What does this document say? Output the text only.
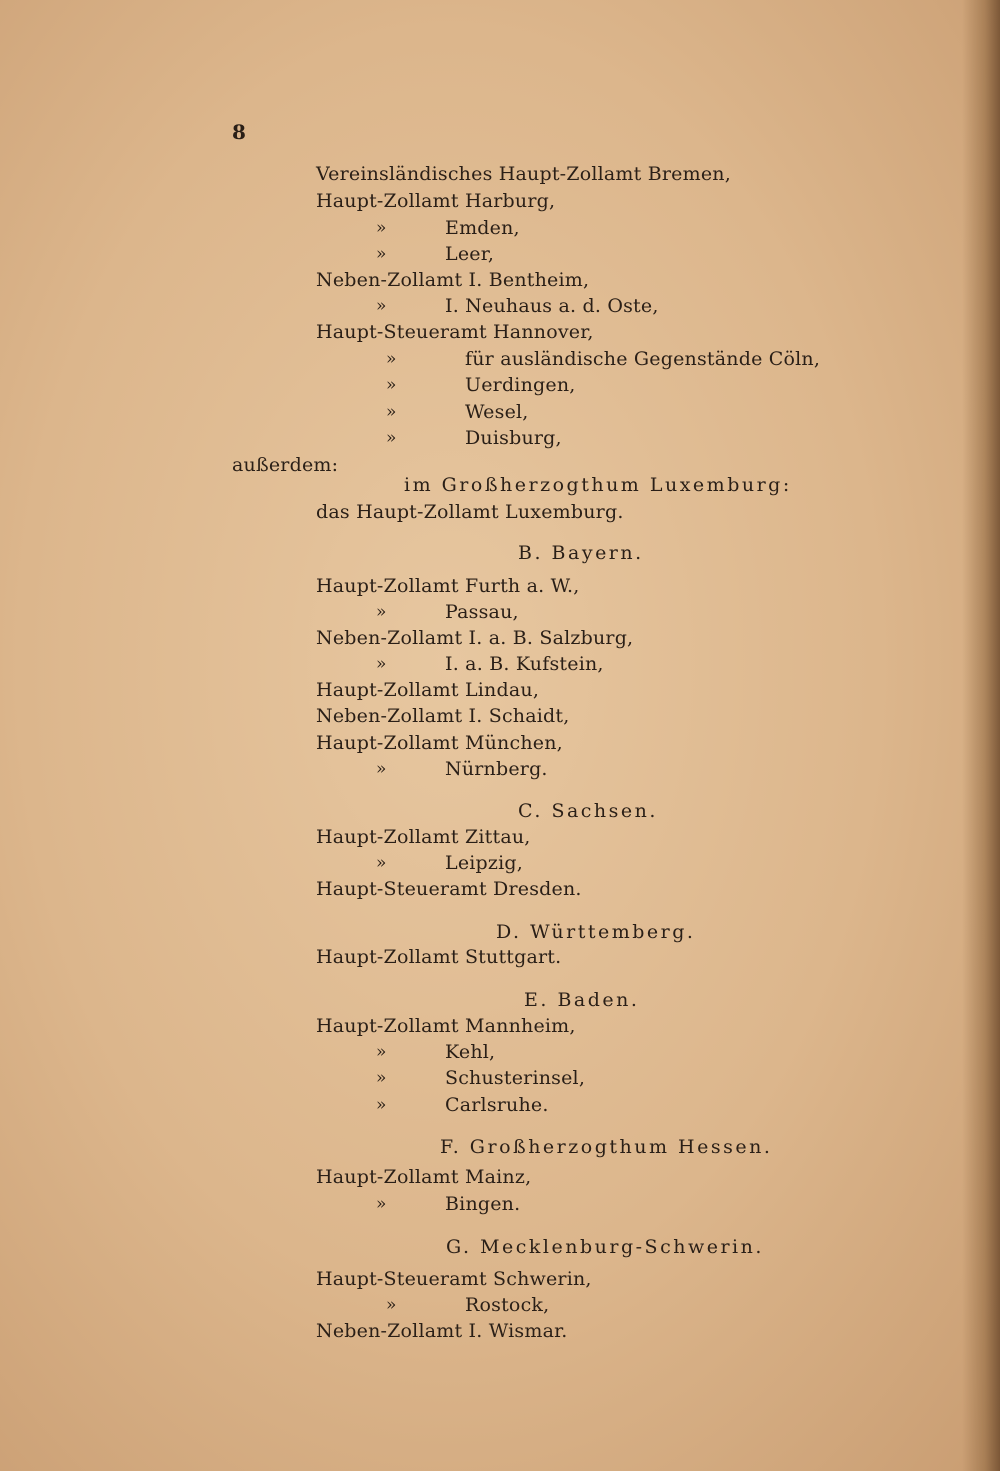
8
Vereinsländisches Haupt-Zollamt Bremen,
Haupt-Zollamt Harburg,
»	Emden,
»	Leer,
Neben-Zollamt I. Bentheim,
»	I. Neuhaus a. d. Oste,
Haupt-Steueramt Hannover,
»	für ausländische Gegenstände Cöln,
»	Uerdingen,
»	Wesel,
»	Duisburg,
außerdem:
im Großherzogthum Luxemburg:
das Haupt-Zollamt Luxemburg.
B. Bayern.
Haupt-Zollamt Furth a. W.,
»	Passau,
Neben-Zollamt I. a. B. Salzburg,
»	I. a. B. Kufstein,
Haupt-Zollamt Lindau,
Neben-Zollamt I. Schaidt,
Haupt-Zollamt München,
»	Nürnberg.
C. Sachsen.
Haupt-Zollamt Zittau,
»	Leipzig,
Haupt-Steueramt Dresden.
D. Württemberg.
Haupt-Zollamt Stuttgart.
E. Baden.
Haupt-Zollamt Mannheim,
»	Kehl,
»	Schusterinsel,
»	Carlsruhe.
F. Großherzogthum Hessen.
Haupt-Zollamt Mainz,
»	Bingen.
G. Mecklenburg-Schwerin.
Haupt-Steueramt Schwerin,
»	Rostock,
Neben-Zollamt I. Wismar.
